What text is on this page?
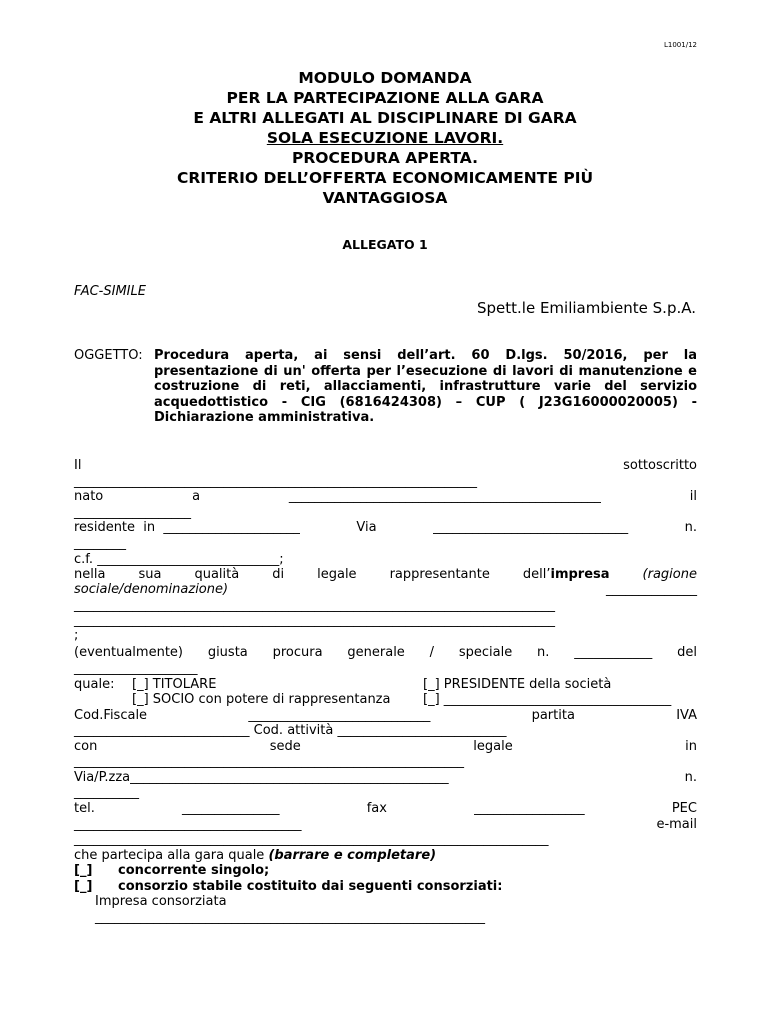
L1001/12
MODULO DOMANDA
PER LA PARTECIPAZIONE ALLA GARA
E ALTRI ALLEGATI AL DISCIPLINARE DI GARA
SOLA ESECUZIONE LAVORI.
PROCEDURA APERTA.
CRITERIO DELL’OFFERTA ECONOMICAMENTE PIÙ
VANTAGGIOSA
ALLEGATO 1
FAC-SIMILE
Spett.le Emiliambiente S.p.A.
OGGETTO: Procedura aperta, ai sensi dell’art. 60 D.lgs. 50/2016, per la presentazione di un' offerta per l’esecuzione di lavori di manutenzione e costruzione di reti, allacciamenti, infrastrutture varie del servizio acquedottistico - CIG (6816424308) – CUP ( J23G16000020005) - Dichiarazione amministrativa.
Il	sottoscritto
______________________________________________________________
nato	a	________________________________________________	il
__________________
residente in _____________________	Via	______________________________	n.
________
c.f. ____________________________;
nella	sua	qualità	di	legale	rappresentante	dell’impresa	(ragione
sociale/denominazione)	______________
__________________________________________________________________________
__________________________________________________________________________
;
(eventualmente) giusta procura generale / speciale n. ____________ del
___________________
quale: [_] TITOLARE	[_] PRESIDENTE della società
[_] SOCIO con potere di rappresentanza	[_] ___________________________________
Cod.Fiscale	____________________________	partita	IVA
___________________________ Cod. attività __________________________
con	sede	legale	in
____________________________________________________________
Via/P.zza_________________________________________________	n.
__________
tel.	_______________	fax	_________________	PEC
___________________________________	e-mail
_________________________________________________________________________
che partecipa alla gara quale (barrare e completare)
[_] concorrente singolo;
[_] consorzio stabile costituito dai seguenti consorziati:
Impresa consorziata
____________________________________________________________
